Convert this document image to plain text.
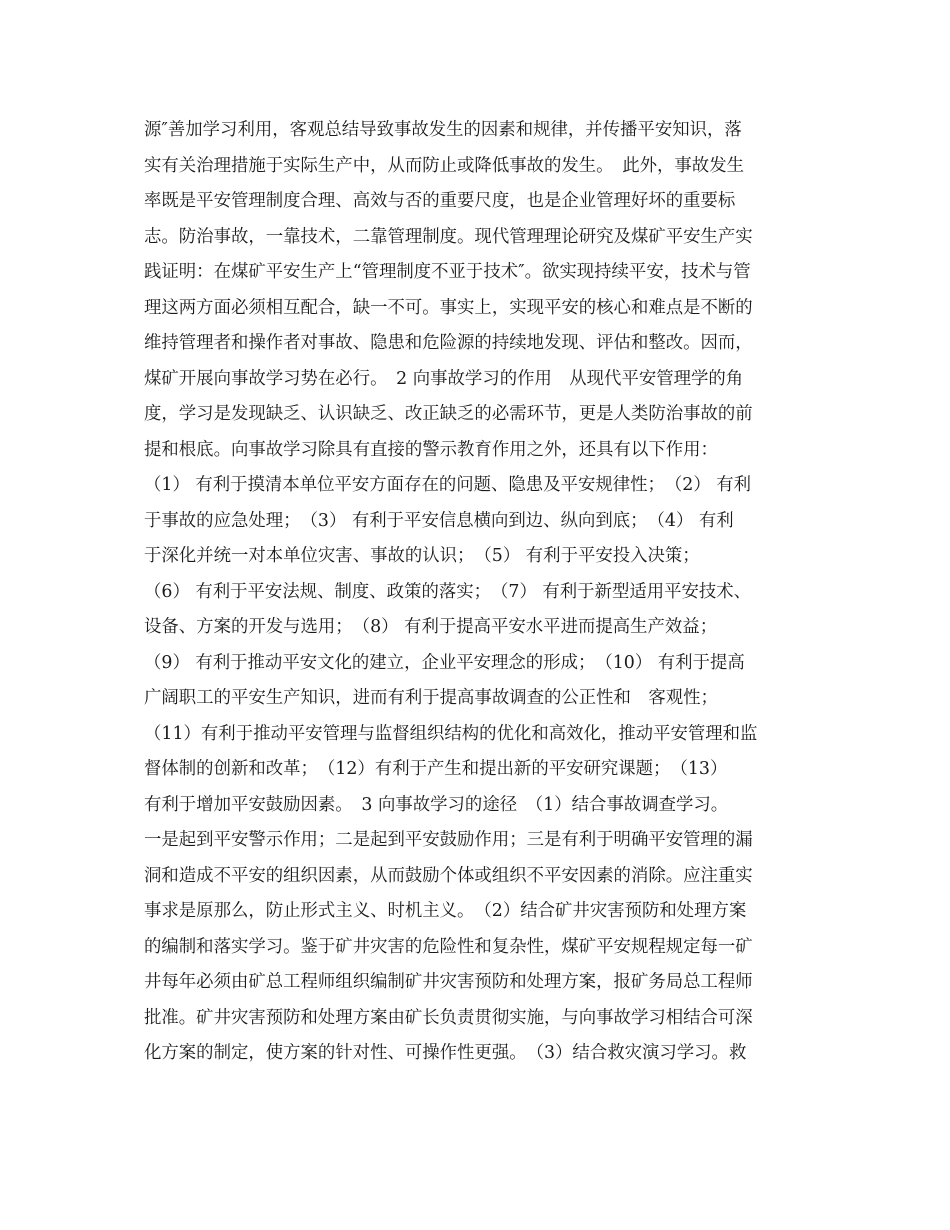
源″善加学习利用，客观总结导致事故发生的因素和规律，并传播平安知识，落
实有关治理措施于实际生产中，从而防止或降低事故的发生。　此外，事故发生
率既是平安管理制度合理、高效与否的重要尺度，也是企业管理好坏的重要标
志。防治事故，一靠技术，二靠管理制度。现代管理理论研究及煤矿平安生产实
践证明：在煤矿平安生产上“管理制度不亚于技术″。欲实现持续平安，技术与管
理这两方面必须相互配合，缺一不可。事实上，实现平安的核心和难点是不断的
维持管理者和操作者对事故、隐患和危险源的持续地发现、评估和整改。因而，
煤矿开展向事故学习势在必行。　2 向事故学习的作用　从现代平安管理学的角
度，学习是发现缺乏、认识缺乏、改正缺乏的必需环节，更是人类防治事故的前
提和根底。向事故学习除具有直接的警示教育作用之外，还具有以下作用：
（1） 有利于摸清本单位平安方面存在的问题、隐患及平安规律性；　（2） 有利
于事故的应急处理；　（3） 有利于平安信息横向到边、纵向到底；　（4） 有利
于深化并统一对本单位灾害、事故的认识；　（5） 有利于平安投入决策；
（6） 有利于平安法规、制度、政策的落实；　（7） 有利于新型适用平安技术、
设备、方案的开发与选用；　（8） 有利于提高平安水平进而提高生产效益；
（9） 有利于推动平安文化的建立，企业平安理念的形成；　（10） 有利于提高
广阔职工的平安生产知识，进而有利于提高事故调查的公正性和　客观性；
（11）有利于推动平安管理与监督组织结构的优化和高效化，推动平安管理和监
督体制的创新和改革；　（12）有利于产生和提出新的平安研究课题；　（13）
有利于增加平安鼓励因素。　3 向事故学习的途径　（1）结合事故调查学习。
一是起到平安警示作用；二是起到平安鼓励作用；三是有利于明确平安管理的漏
洞和造成不平安的组织因素，从而鼓励个体或组织不平安因素的消除。应注重实
事求是原那么，防止形式主义、时机主义。　（2）结合矿井灾害预防和处理方案
的编制和落实学习。鉴于矿井灾害的危险性和复杂性，煤矿平安规程规定每一矿
井每年必须由矿总工程师组织编制矿井灾害预防和处理方案，报矿务局总工程师
批准。矿井灾害预防和处理方案由矿长负责贯彻实施，与向事故学习相结合可深
化方案的制定，使方案的针对性、可操作性更强。　（3）结合救灾演习学习。救
